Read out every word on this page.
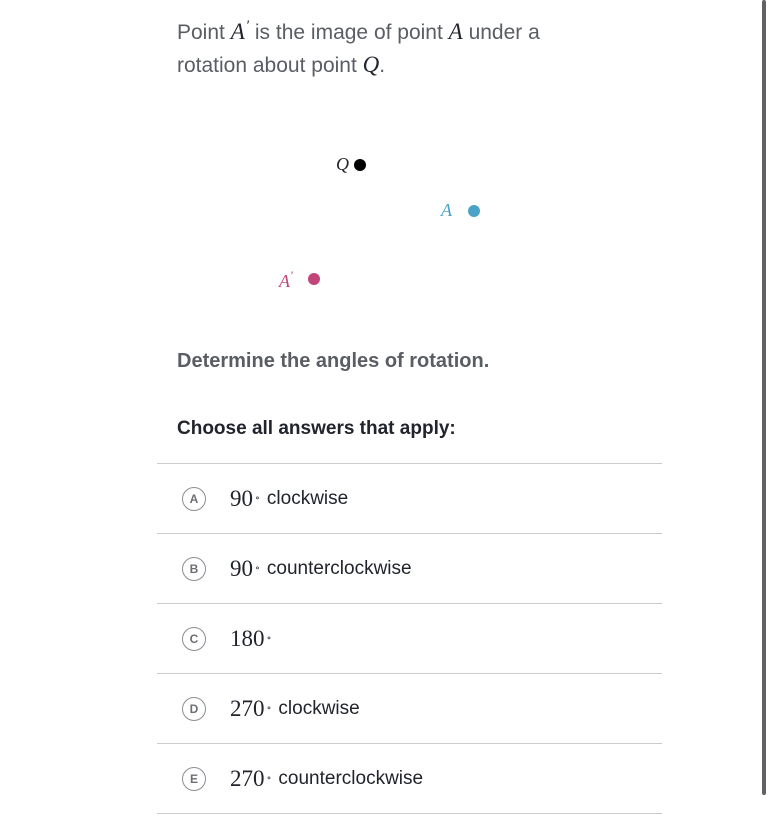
Point A′ is the image of point A under a rotation about point Q.
Q
A
A′
Determine the angles of rotation.
Choose all answers that apply:
A	90 ∘ clockwise
B	90 ∘ counterclockwise
C	180 ∘
D	270 ∘ clockwise
E	270 ∘ counterclockwise
